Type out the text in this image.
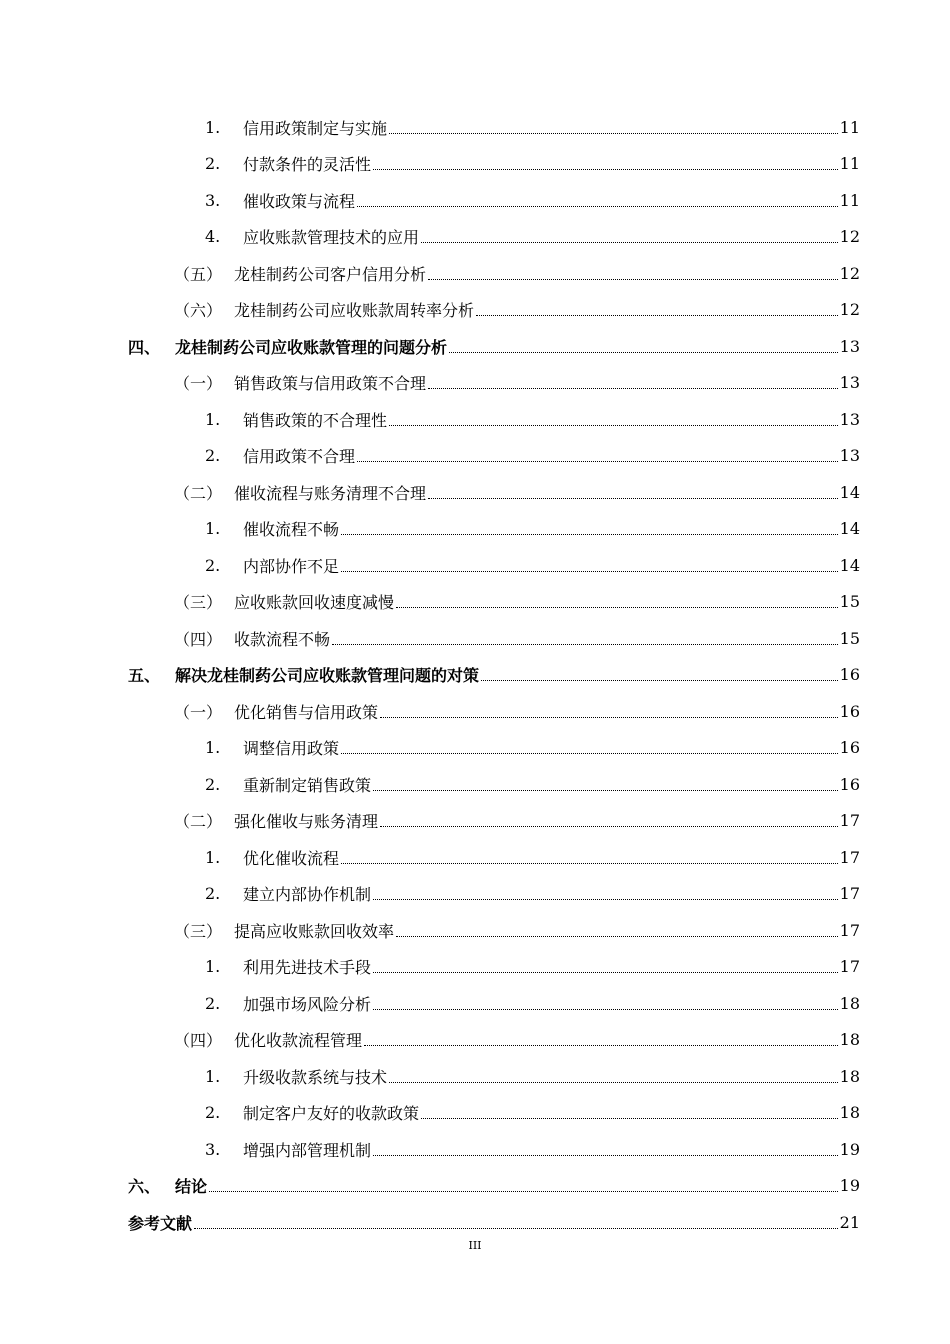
1.	信用政策制定与实施	11
2.	付款条件的灵活性	11
3.	催收政策与流程	11
4.	应收账款管理技术的应用	12
（五） 龙桂制药公司客户信用分析	12
（六） 龙桂制药公司应收账款周转率分析	12
四、 龙桂制药公司应收账款管理的问题分析	13
（一） 销售政策与信用政策不合理	13
1.	销售政策的不合理性	13
2.	信用政策不合理	13
（二） 催收流程与账务清理不合理	14
1.	催收流程不畅	14
2.	内部协作不足	14
（三） 应收账款回收速度减慢	15
（四） 收款流程不畅	15
五、 解决龙桂制药公司应收账款管理问题的对策	16
（一） 优化销售与信用政策	16
1.	调整信用政策	16
2.	重新制定销售政策	16
（二） 强化催收与账务清理	17
1.	优化催收流程	17
2.	建立内部协作机制	17
（三） 提高应收账款回收效率	17
1.	利用先进技术手段	17
2.	加强市场风险分析	18
（四） 优化收款流程管理	18
1.	升级收款系统与技术	18
2.	制定客户友好的收款政策	18
3.	增强内部管理机制	19
六、 结论	19
参考文献	21
III
